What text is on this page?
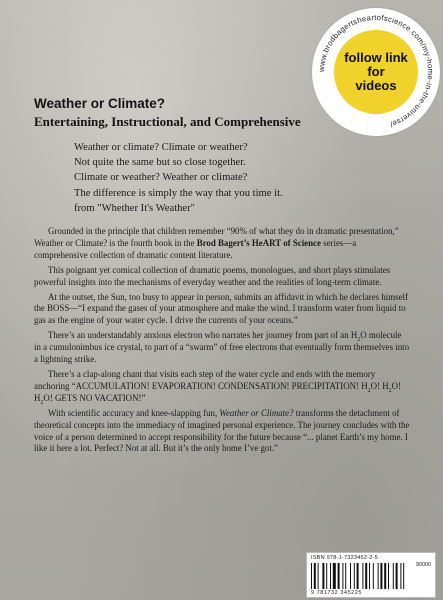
www.brodbagertsheartofscience.com/my-home-in-the-universe/
follow link
for
videos
Weather or Climate?
Entertaining, Instructional, and Comprehensive
Weather or climate? Climate or weather?
Not quite the same but so close together.
Climate or weather? Weather or climate?
The difference is simply the way that you time it.
from "Whether It's Weather"

Grounded in the principle that children remember “90% of what they do in dramatic presentation,” Weather or Climate? is the fourth book in the Brod Bagert’s HeART of Science series—a comprehensive collection of dramatic content literature.

This poignant yet comical collection of dramatic poems, monologues, and short plays stimulates powerful insights into the mechanisms of everyday weather and the realities of long-term climate.

At the outset, the Sun, too busy to appear in person, submits an affidavit in which he declares himself the BOSS—“I expand the gases of your atmosphere and make the wind. I transform water from liquid to gas as the engine of your water cycle. I drive the currents of your oceans.”

There’s an understandably anxious electron who narrates her journey from part of an $H_2O$ molecule in a cumulonimbus ice crystal, to part of a “swarm” of free electrons that eventually form themselves into a lightning strike.

There’s a clap-along chant that visits each step of the water cycle and ends with the memory anchoring “ACCUMULATION! EVAPORATION! CONDENSATION! PRECIPITATION! $H_2O$! $H_2O$! $H_2O$! GETS NO VACATION!”

With scientific accuracy and knee-slapping fun, Weather or Climate? transforms the detachment of theoretical concepts into the immediacy of imagined personal experience. The journey concludes with the voice of a person determined to accept responsibility for the future because “... planet Earth’s my home. I like it here a lot. Perfect? Not at all. But it’s the only home I’ve got.”

ISBN 978-1-7323452-2-5
90000
9 781732 345225
